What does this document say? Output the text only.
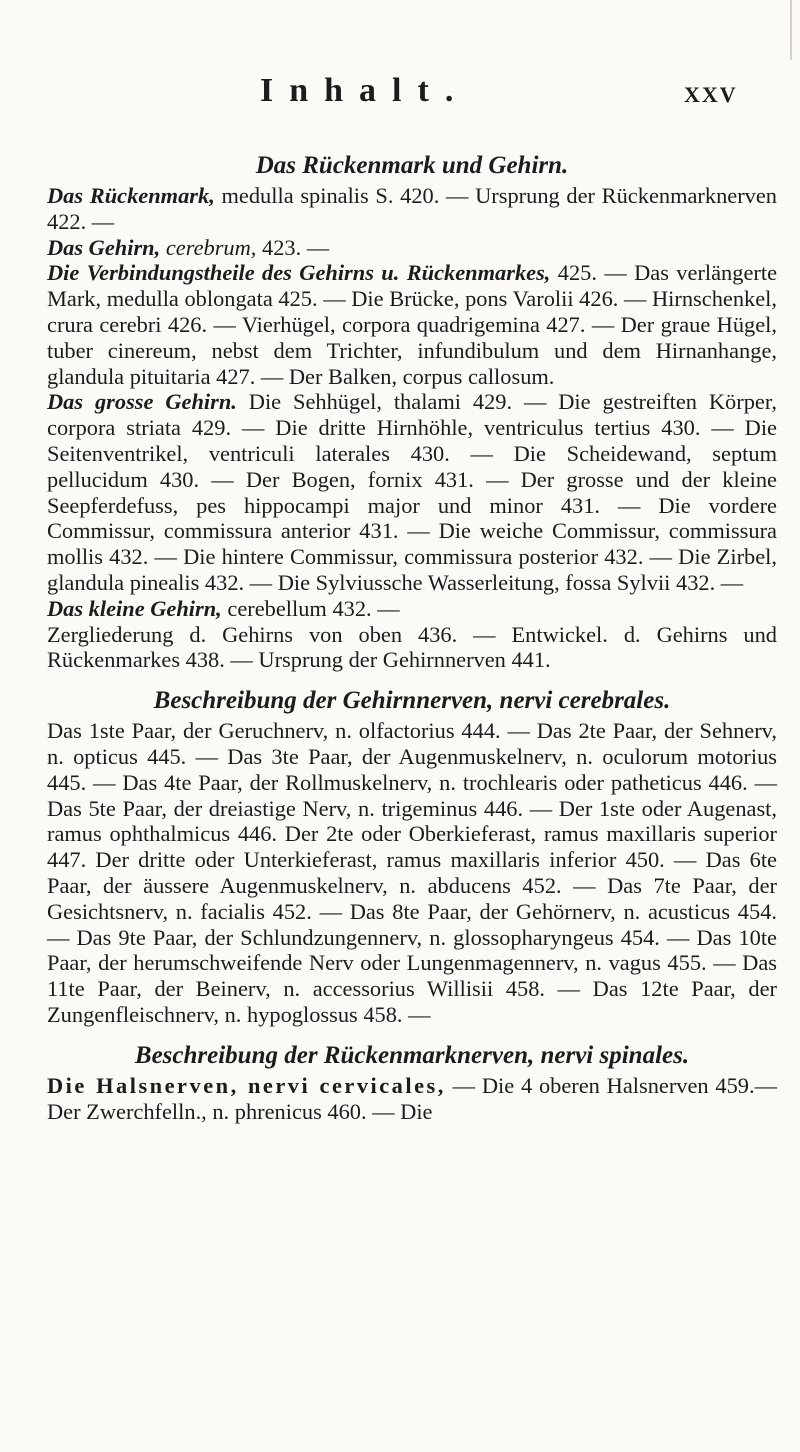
Inhalt.	XXV
Das Rückenmark und Gehirn.

Das Rückenmark, medulla spinalis S. 420. — Ursprung der Rückenmarknerven 422. —

Das Gehirn, cerebrum, 423. —

Die Verbindungstheile des Gehirns u. Rückenmarkes, 425. — Das verlängerte Mark, medulla oblongata 425. — Die Brücke, pons Varolii 426. — Hirnschenkel, crura cerebri 426. — Vierhügel, corpora quadrigemina 427. — Der graue Hügel, tuber cinereum, nebst dem Trichter, infundibulum und dem Hirnanhange, glandula pituitaria 427. — Der Balken, corpus callosum.

Das grosse Gehirn. Die Sehhügel, thalami 429. — Die gestreiften Körper, corpora striata 429. — Die dritte Hirnhöhle, ventriculus tertius 430. — Die Seitenventrikel, ventriculi laterales 430. — Die Scheidewand, septum pellucidum 430. — Der Bogen, fornix 431. — Der grosse und der kleine Seepferdefuss, pes hippocampi major und minor 431. — Die vordere Commissur, commissura anterior 431. — Die weiche Commissur, commissura mollis 432. — Die hintere Commissur, commissura posterior 432. — Die Zirbel, glandula pinealis 432. — Die Sylviussche Wasserleitung, fossa Sylvii 432. —

Das kleine Gehirn, cerebellum 432. —

Zergliederung d. Gehirns von oben 436. — Entwickel. d. Gehirns und Rückenmarkes 438. — Ursprung der Gehirnnerven 441.

Beschreibung der Gehirnnerven, nervi cerebrales.

Das 1ste Paar, der Geruchnerv, n. olfactorius 444. — Das 2te Paar, der Sehnerv, n. opticus 445. — Das 3te Paar, der Augenmuskelnerv, n. oculorum motorius 445. — Das 4te Paar, der Rollmuskelnerv, n. trochlearis oder patheticus 446. — Das 5te Paar, der dreiastige Nerv, n. trigeminus 446. — Der 1ste oder Augenast, ramus ophthalmicus 446. Der 2te oder Oberkieferast, ramus maxillaris superior 447. Der dritte oder Unterkieferast, ramus maxillaris inferior 450. — Das 6te Paar, der äussere Augenmuskelnerv, n. abducens 452. — Das 7te Paar, der Gesichtsnerv, n. facialis 452. — Das 8te Paar, der Gehörnerv, n. acusticus 454. — Das 9te Paar, der Schlundzungennerv, n. glossopharyngeus 454. — Das 10te Paar, der herumschweifende Nerv oder Lungenmagennerv, n. vagus 455. — Das 11te Paar, der Beinerv, n. accessorius Willisii 458. — Das 12te Paar, der Zungenfleischnerv, n. hypoglossus 458. —

Beschreibung der Rückenmarknerven, nervi spinales.

Die Halsnerven, nervi cervicales, — Die 4 oberen Halsnerven 459.— Der Zwerchfelln., n. phrenicus 460. — Die
